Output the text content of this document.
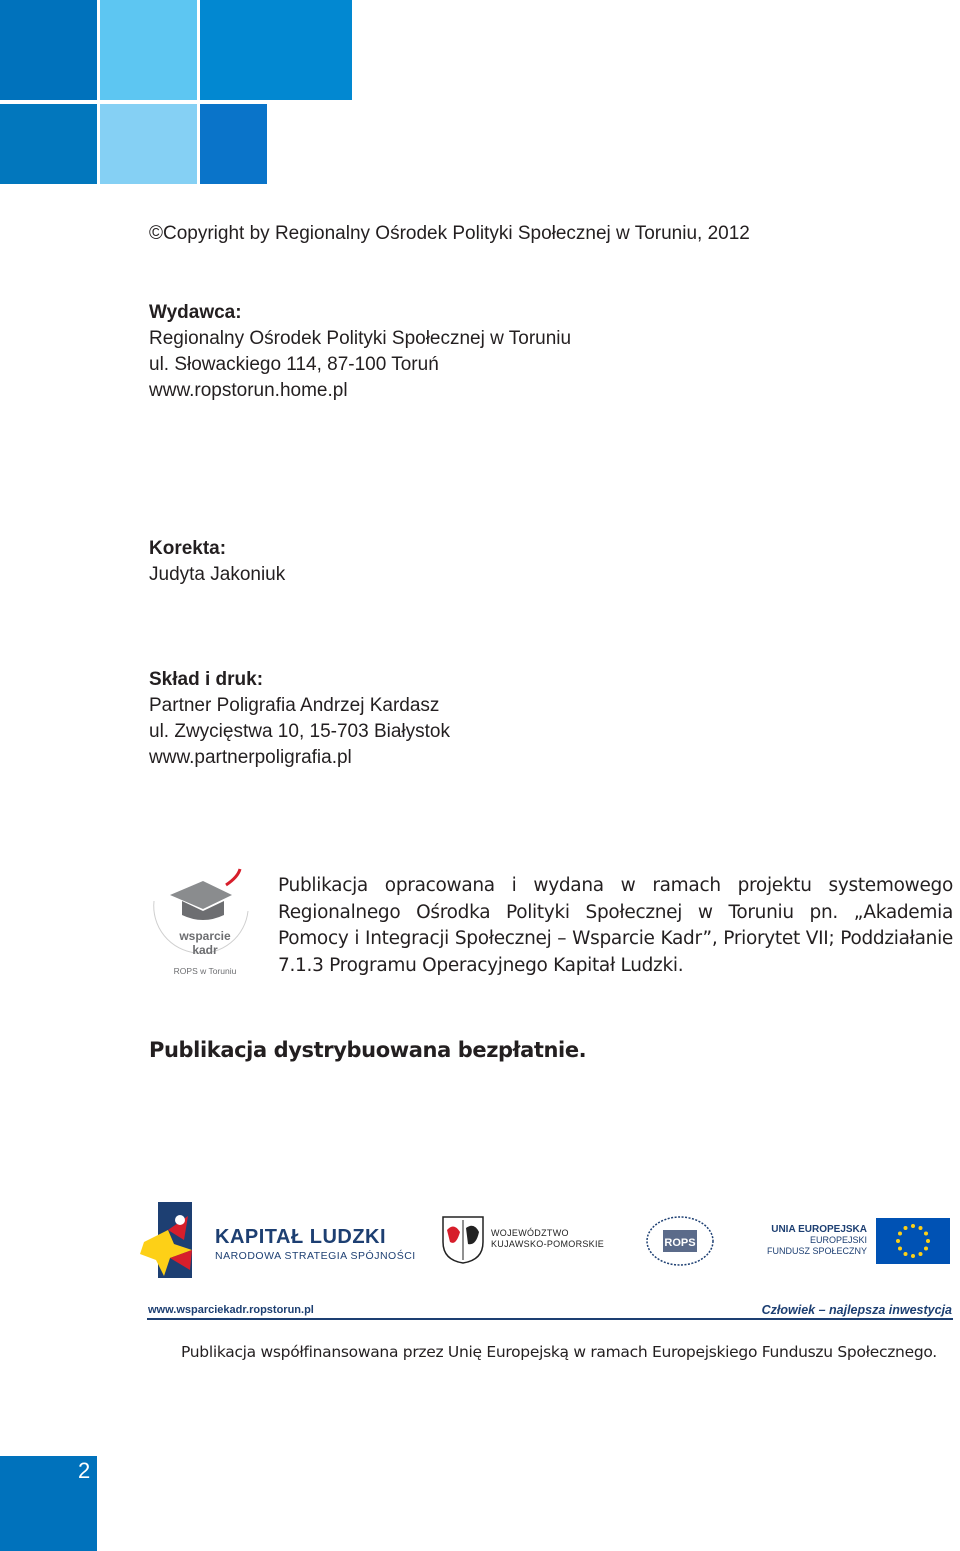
©Copyright by Regionalny Ośrodek Polityki Społecznej w Toruniu, 2012
Wydawca:
Regionalny Ośrodek Polityki Społecznej w Toruniu
ul. Słowackiego 114, 87-100 Toruń
www.ropstorun.home.pl
Korekta:
Judyta Jakoniuk
Skład i druk:
Partner Poligrafia Andrzej Kardasz
ul. Zwycięstwa 10, 15-703 Białystok
www.partnerpoligrafia.pl
wsparcie
kadr
ROPS w Toruniu
Publikacja opracowana i wydana w ramach projektu systemowego Regionalnego Ośrodka Polityki Społecznej w Toruniu pn. „Akademia Pomocy i Integracji Społecznej – Wsparcie Kadr”, Priorytet VII; Poddziałanie 7.1.3 Programu Operacyjnego Kapitał Ludzki.
Publikacja dystrybuowana bezpłatnie.
KAPITAŁ LUDZKI
NARODOWA STRATEGIA SPÓJNOŚCI
WOJEWÓDZTWO
KUJAWSKO-POMORSKIE	ROPS
UNIA EUROPEJSKA
EUROPEJSKI
FUNDUSZ SPOŁECZNY
www.wsparciekadr.ropstorun.pl	Człowiek – najlepsza inwestycja
Publikacja współfinansowana przez Unię Europejską w ramach Europejskiego Funduszu Społecznego.
2
